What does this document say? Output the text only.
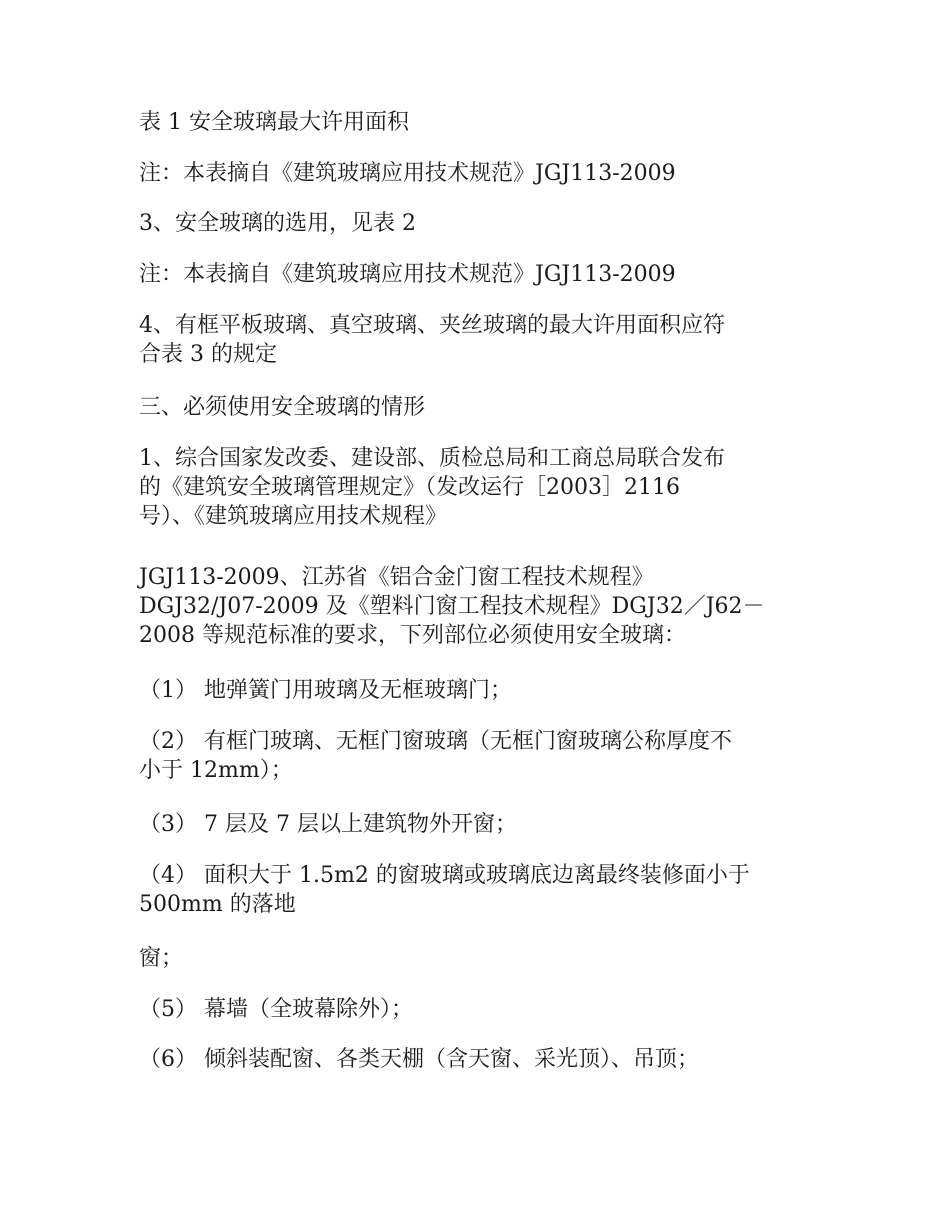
表 1 安全玻璃最大许用面积

注：本表摘自《建筑玻璃应用技术规范》JGJ113-2009

3、安全玻璃的选用，见表 2

注：本表摘自《建筑玻璃应用技术规范》JGJ113-2009

4、有框平板玻璃、真空玻璃、夹丝玻璃的最大许用面积应符
合表 3 的规定

三、必须使用安全玻璃的情形

1、综合国家发改委、建设部、质检总局和工商总局联合发布
的《建筑安全玻璃管理规定》（发改运行［2003］2116
号）、《建筑玻璃应用技术规程》

JGJ113-2009、江苏省《铝合金门窗工程技术规程》
DGJ32/J07-2009 及《塑料门窗工程技术规程》DGJ32／J62－
2008 等规范标准的要求，下列部位必须使用安全玻璃：

（1） 地弹簧门用玻璃及无框玻璃门；

（2） 有框门玻璃、无框门窗玻璃（无框门窗玻璃公称厚度不
小于 12mm）；

（3） 7 层及 7 层以上建筑物外开窗；

（4） 面积大于 1.5m2 的窗玻璃或玻璃底边离最终装修面小于
500mm 的落地

窗；

（5） 幕墙（全玻幕除外）；

（6） 倾斜装配窗、各类天棚（含天窗、采光顶）、吊顶；
